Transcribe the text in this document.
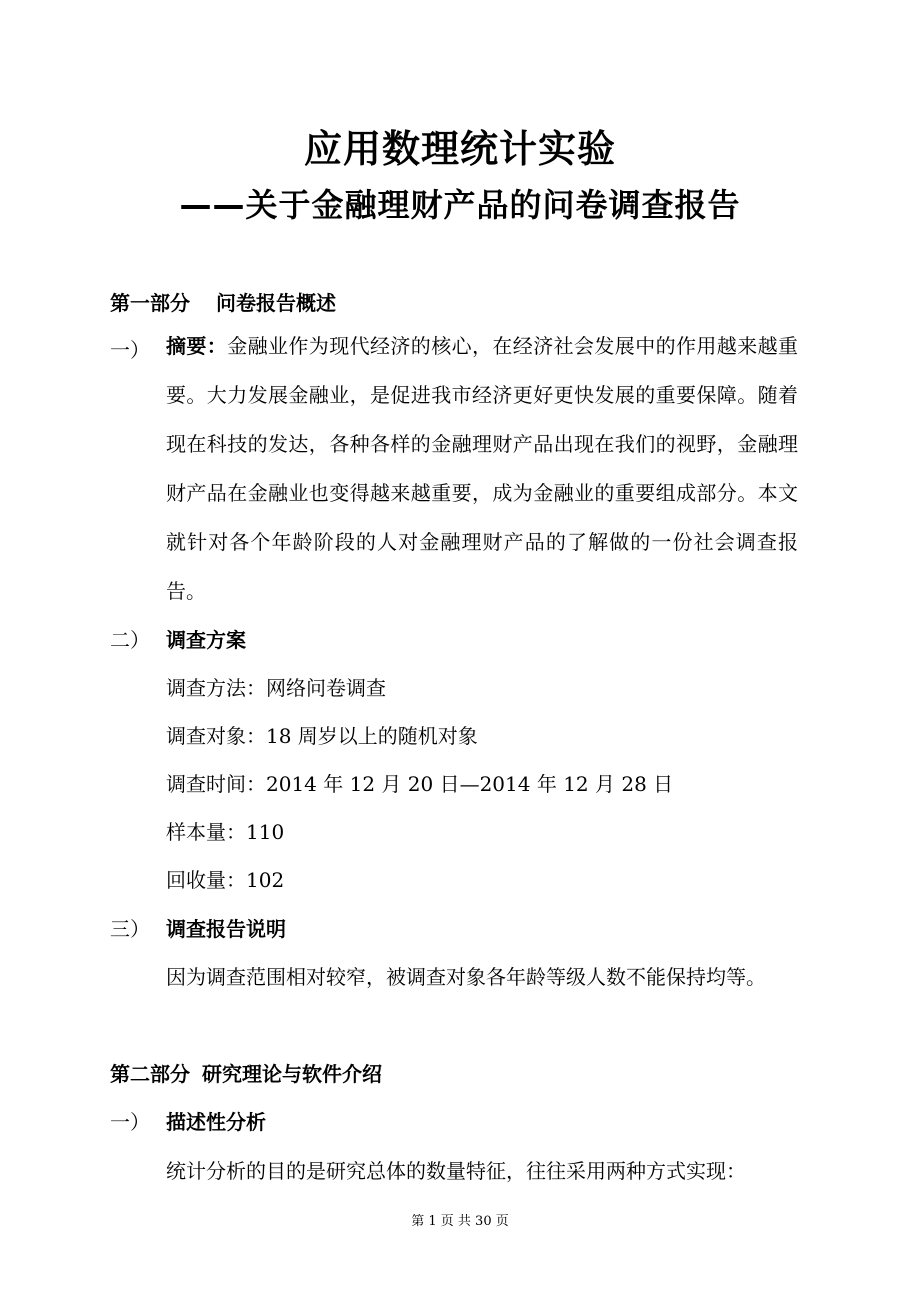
应用数理统计实验
——关于金融理财产品的问卷调查报告
第一部分 问卷报告概述
一） 摘要：金融业作为现代经济的核心，在经济社会发展中的作用越来越重要。大力发展金融业，是促进我市经济更好更快发展的重要保障。随着现在科技的发达，各种各样的金融理财产品出现在我们的视野，金融理财产品在金融业也变得越来越重要，成为金融业的重要组成部分。本文就针对各个年龄阶段的人对金融理财产品的了解做的一份社会调查报告。
二） 调查方案
调查方法：网络问卷调查
调查对象：18 周岁以上的随机对象
调查时间：2014 年 12 月 20 日—2014 年 12 月 28 日
样本量：110
回收量：102
三） 调查报告说明
因为调查范围相对较窄，被调查对象各年龄等级人数不能保持均等。
第二部分 研究理论与软件介绍
一） 描述性分析
统计分析的目的是研究总体的数量特征，往往采用两种方式实现：
第 1 页 共 30 页
